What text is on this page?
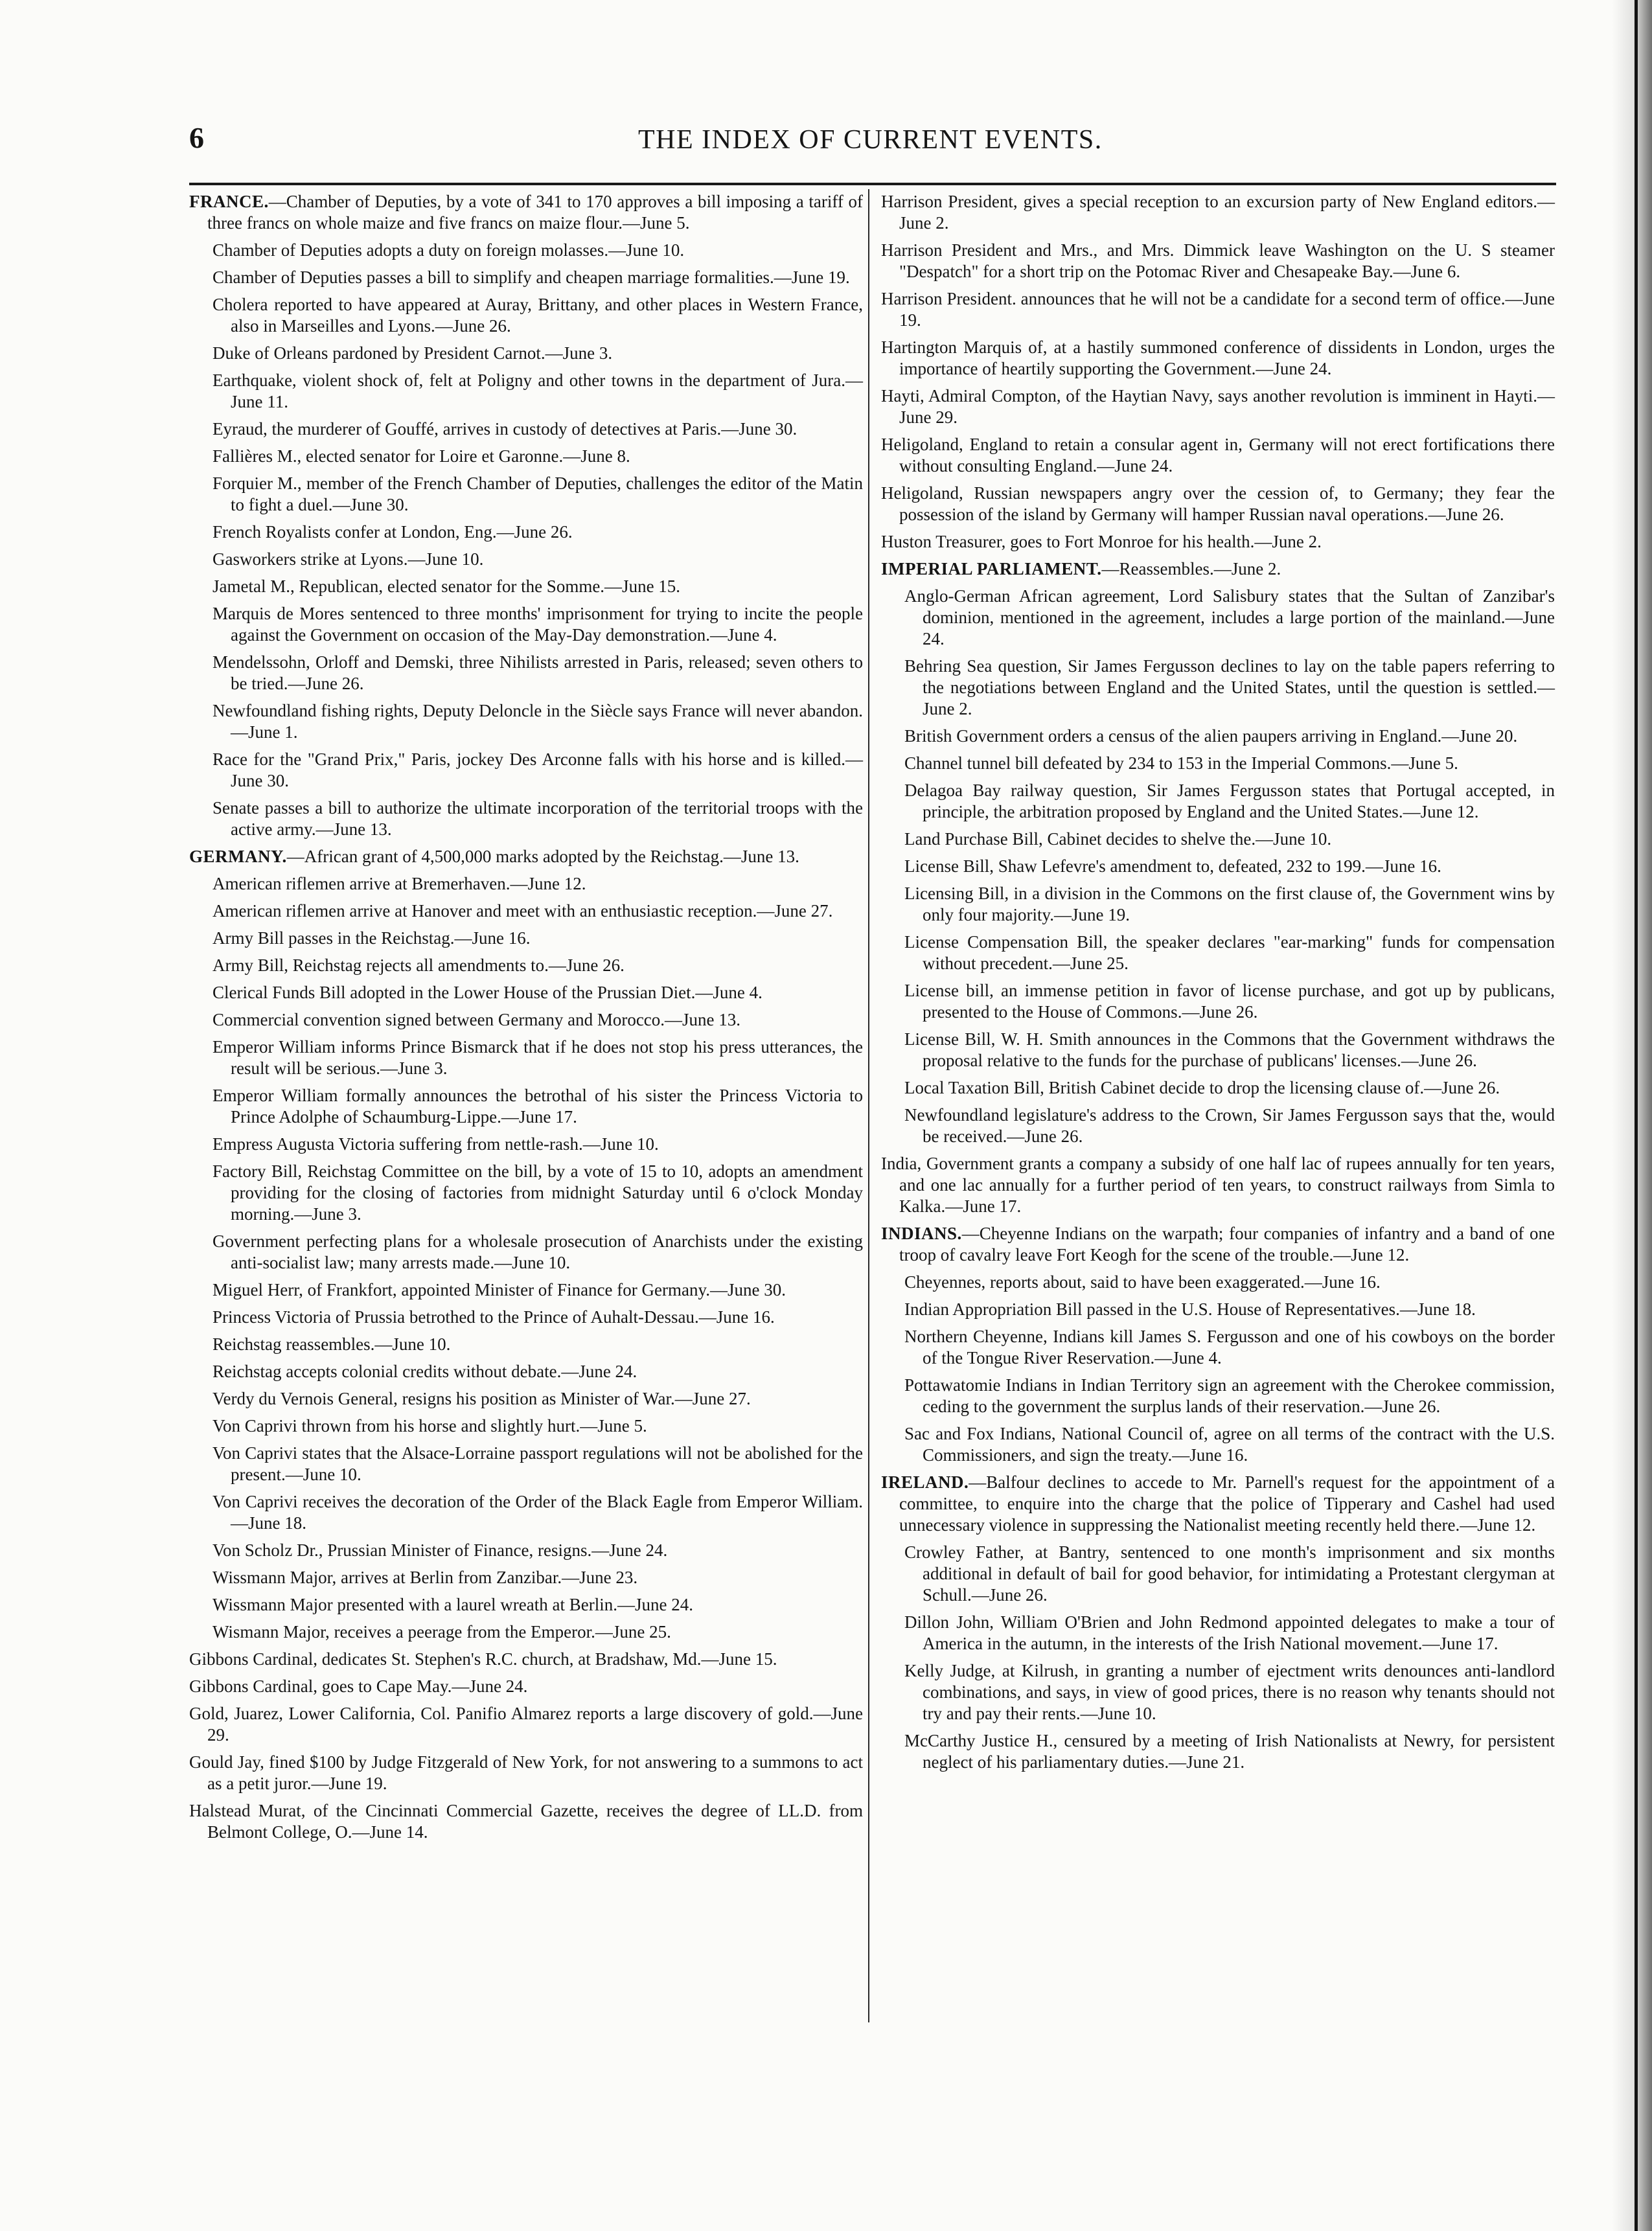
6	THE INDEX OF CURRENT EVENTS.

FRANCE.—Chamber of Deputies, by a vote of 341 to 170 approves a bill imposing a tariff of three francs on whole maize and five francs on maize flour.—June 5.

Chamber of Deputies adopts a duty on foreign molasses.—June 10.

Chamber of Deputies passes a bill to simplify and cheapen marriage formalities.—June 19.

Cholera reported to have appeared at Auray, Brittany, and other places in Western France, also in Marseilles and Lyons.—June 26.

Duke of Orleans pardoned by President Carnot.—June 3.

Earthquake, violent shock of, felt at Poligny and other towns in the department of Jura.—June 11.

Eyraud, the murderer of Gouffé, arrives in custody of detectives at Paris.—June 30.

Fallières M., elected senator for Loire et Garonne.—June 8.

Forquier M., member of the French Chamber of Deputies, challenges the editor of the Matin to fight a duel.—June 30.

French Royalists confer at London, Eng.—June 26.

Gasworkers strike at Lyons.—June 10.

Jametal M., Republican, elected senator for the Somme.—June 15.

Marquis de Mores sentenced to three months' imprisonment for trying to incite the people against the Government on occasion of the May-Day demonstration.—June 4.

Mendelssohn, Orloff and Demski, three Nihilists arrested in Paris, released; seven others to be tried.—June 26.

Newfoundland fishing rights, Deputy Deloncle in the Siècle says France will never abandon.—June 1.

Race for the "Grand Prix," Paris, jockey Des Arconne falls with his horse and is killed.—June 30.

Senate passes a bill to authorize the ultimate incorporation of the territorial troops with the active army.—June 13.

GERMANY.—African grant of 4,500,000 marks adopted by the Reichstag.—June 13.

American riflemen arrive at Bremerhaven.—June 12.

American riflemen arrive at Hanover and meet with an enthusiastic reception.—June 27.

Army Bill passes in the Reichstag.—June 16.

Army Bill, Reichstag rejects all amendments to.—June 26.

Clerical Funds Bill adopted in the Lower House of the Prussian Diet.—June 4.

Commercial convention signed between Germany and Morocco.—June 13.

Emperor William informs Prince Bismarck that if he does not stop his press utterances, the result will be serious.—June 3.

Emperor William formally announces the betrothal of his sister the Princess Victoria to Prince Adolphe of Schaumburg-Lippe.—June 17.

Empress Augusta Victoria suffering from nettle-rash.—June 10.

Factory Bill, Reichstag Committee on the bill, by a vote of 15 to 10, adopts an amendment providing for the closing of factories from midnight Saturday until 6 o'clock Monday morning.—June 3.

Government perfecting plans for a wholesale prosecution of Anarchists under the existing anti-socialist law; many arrests made.—June 10.

Miguel Herr, of Frankfort, appointed Minister of Finance for Germany.—June 30.

Princess Victoria of Prussia betrothed to the Prince of Auhalt-Dessau.—June 16.

Reichstag reassembles.—June 10.

Reichstag accepts colonial credits without debate.—June 24.

Verdy du Vernois General, resigns his position as Minister of War.—June 27.

Von Caprivi thrown from his horse and slightly hurt.—June 5.

Von Caprivi states that the Alsace-Lorraine passport regulations will not be abolished for the present.—June 10.

Von Caprivi receives the decoration of the Order of the Black Eagle from Emperor William.—June 18.

Von Scholz Dr., Prussian Minister of Finance, resigns.—June 24.

Wissmann Major, arrives at Berlin from Zanzibar.—June 23.

Wissmann Major presented with a laurel wreath at Berlin.—June 24.

Wismann Major, receives a peerage from the Emperor.—June 25.

Gibbons Cardinal, dedicates St. Stephen's R.C. church, at Bradshaw, Md.—June 15.

Gibbons Cardinal, goes to Cape May.—June 24.

Gold, Juarez, Lower California, Col. Panifio Almarez reports a large discovery of gold.—June 29.

Gould Jay, fined $100 by Judge Fitzgerald of New York, for not answering to a summons to act as a petit juror.—June 19.

Halstead Murat, of the Cincinnati Commercial Gazette, receives the degree of LL.D. from Belmont College, O.—June 14.

Harrison President, gives a special reception to an excursion party of New England editors.—June 2.

Harrison President and Mrs., and Mrs. Dimmick leave Washington on the U. S steamer "Despatch" for a short trip on the Potomac River and Chesapeake Bay.—June 6.

Harrison President. announces that he will not be a candidate for a second term of office.—June 19.

Hartington Marquis of, at a hastily summoned conference of dissidents in London, urges the importance of heartily supporting the Government.—June 24.

Hayti, Admiral Compton, of the Haytian Navy, says another revolution is imminent in Hayti.—June 29.

Heligoland, England to retain a consular agent in, Germany will not erect fortifications there without consulting England.—June 24.

Heligoland, Russian newspapers angry over the cession of, to Germany; they fear the possession of the island by Germany will hamper Russian naval operations.—June 26.

Huston Treasurer, goes to Fort Monroe for his health.—June 2.

IMPERIAL PARLIAMENT.—Reassembles.—June 2.

Anglo-German African agreement, Lord Salisbury states that the Sultan of Zanzibar's dominion, mentioned in the agreement, includes a large portion of the mainland.—June 24.

Behring Sea question, Sir James Fergusson declines to lay on the table papers referring to the negotiations between England and the United States, until the question is settled.—June 2.

British Government orders a census of the alien paupers arriving in England.—June 20.

Channel tunnel bill defeated by 234 to 153 in the Imperial Commons.—June 5.

Delagoa Bay railway question, Sir James Fergusson states that Portugal accepted, in principle, the arbitration proposed by England and the United States.—June 12.

Land Purchase Bill, Cabinet decides to shelve the.—June 10.

License Bill, Shaw Lefevre's amendment to, defeated, 232 to 199.—June 16.

Licensing Bill, in a division in the Commons on the first clause of, the Government wins by only four majority.—June 19.

License Compensation Bill, the speaker declares "ear-marking" funds for compensation without precedent.—June 25.

License bill, an immense petition in favor of license purchase, and got up by publicans, presented to the House of Commons.—June 26.

License Bill, W. H. Smith announces in the Commons that the Government withdraws the proposal relative to the funds for the purchase of publicans' licenses.—June 26.

Local Taxation Bill, British Cabinet decide to drop the licensing clause of.—June 26.

Newfoundland legislature's address to the Crown, Sir James Fergusson says that the, would be received.—June 26.

India, Government grants a company a subsidy of one half lac of rupees annually for ten years, and one lac annually for a further period of ten years, to construct railways from Simla to Kalka.—June 17.

INDIANS.—Cheyenne Indians on the warpath; four companies of infantry and a band of one troop of cavalry leave Fort Keogh for the scene of the trouble.—June 12.

Cheyennes, reports about, said to have been exaggerated.—June 16.

Indian Appropriation Bill passed in the U.S. House of Representatives.—June 18.

Northern Cheyenne, Indians kill James S. Fergusson and one of his cowboys on the border of the Tongue River Reservation.—June 4.

Pottawatomie Indians in Indian Territory sign an agreement with the Cherokee commission, ceding to the government the surplus lands of their reservation.—June 26.

Sac and Fox Indians, National Council of, agree on all terms of the contract with the U.S. Commissioners, and sign the treaty.—June 16.

IRELAND.—Balfour declines to accede to Mr. Parnell's request for the appointment of a committee, to enquire into the charge that the police of Tipperary and Cashel had used unnecessary violence in suppressing the Nationalist meeting recently held there.—June 12.

Crowley Father, at Bantry, sentenced to one month's imprisonment and six months additional in default of bail for good behavior, for intimidating a Protestant clergyman at Schull.—June 26.

Dillon John, William O'Brien and John Redmond appointed delegates to make a tour of America in the autumn, in the interests of the Irish National movement.—June 17.

Kelly Judge, at Kilrush, in granting a number of ejectment writs denounces anti-landlord combinations, and says, in view of good prices, there is no reason why tenants should not try and pay their rents.—June 10.

McCarthy Justice H., censured by a meeting of Irish Nationalists at Newry, for persistent neglect of his parliamentary duties.—June 21.
